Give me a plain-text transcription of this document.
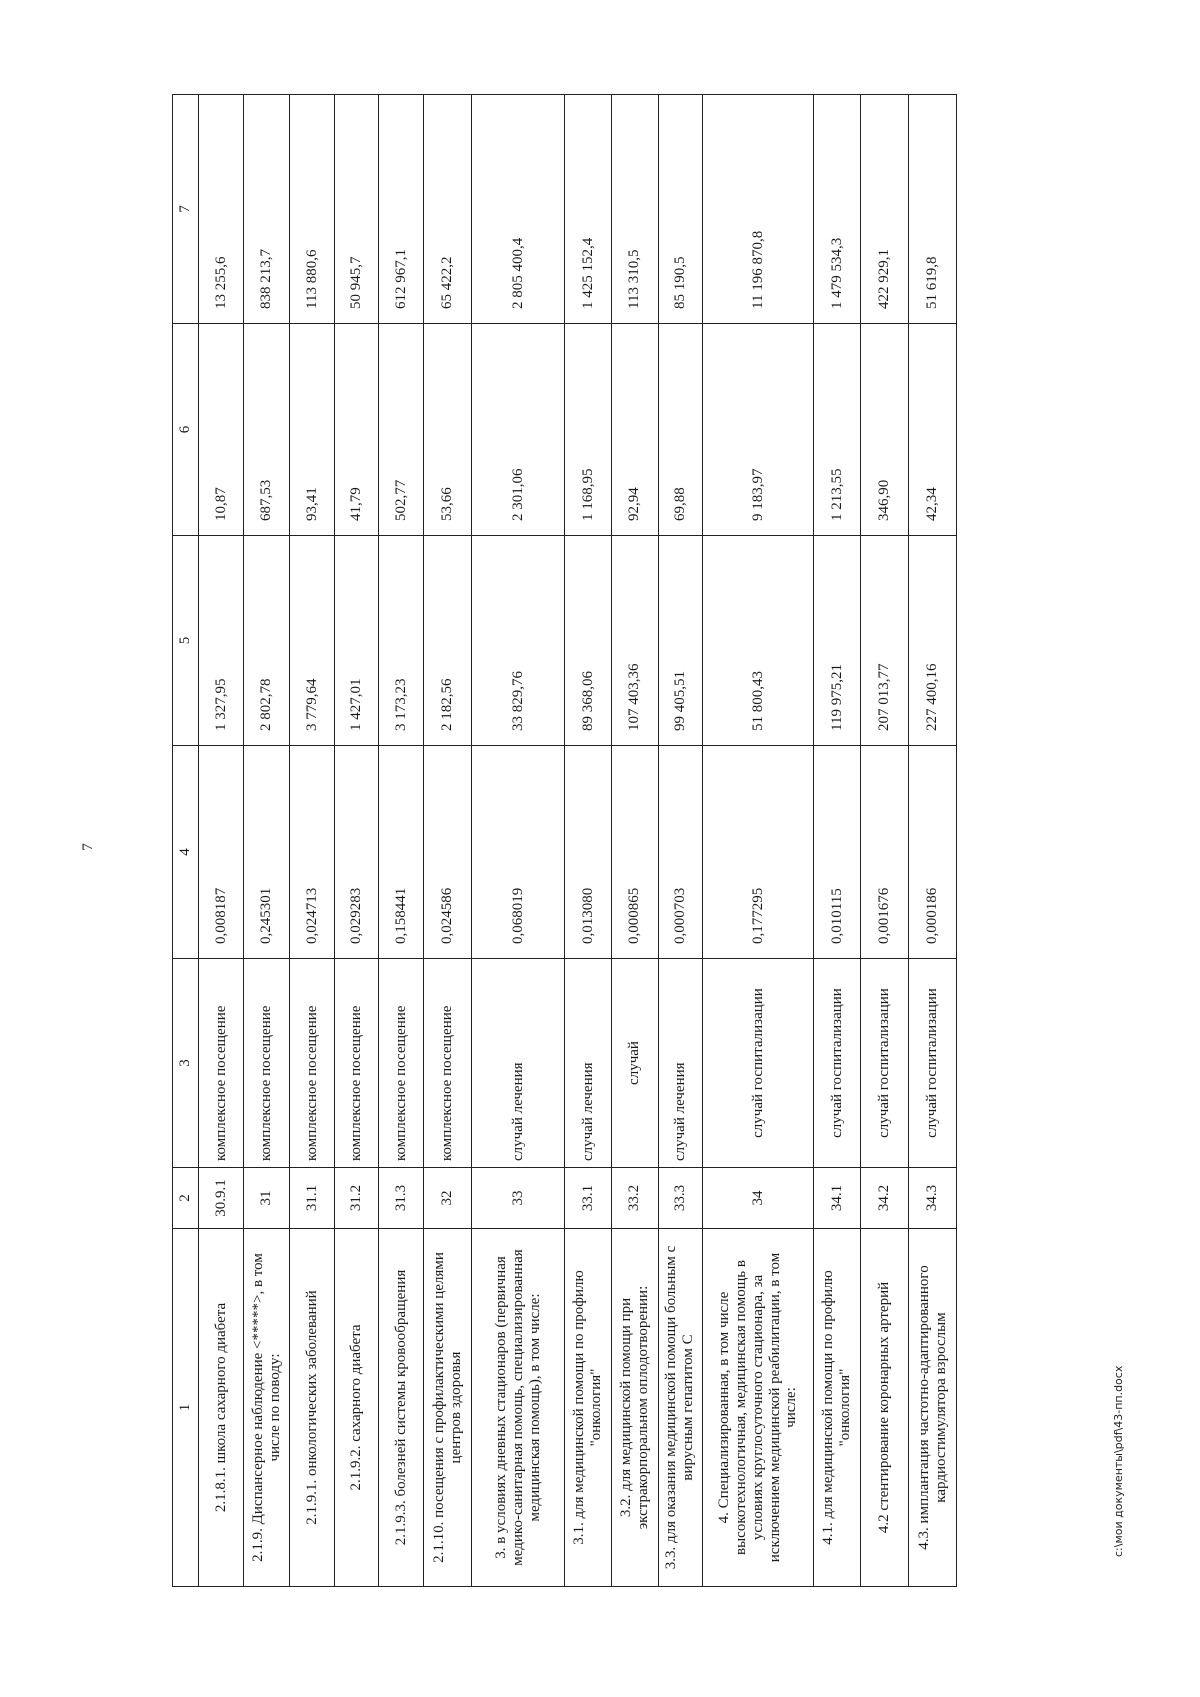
7
1	2	3	4	5	6	7
2.1.8.1. школа сахарного диабета	30.9.1	комплексное посещение	0,008187	1 327,95	10,87	13 255,6
2.1.9. Диспансерное наблюдение <*****>, в том числе по поводу:	31	комплексное посещение	0,245301	2 802,78	687,53	838 213,7
2.1.9.1. онкологических заболеваний	31.1	комплексное посещение	0,024713	3 779,64	93,41	113 880,6
2.1.9.2. сахарного диабета	31.2	комплексное посещение	0,029283	1 427,01	41,79	50 945,7
2.1.9.3. болезней системы кровообращения	31.3	комплексное посещение	0,158441	3 173,23	502,77	612 967,1
2.1.10. посещения с профилактическими целями центров здоровья	32	комплексное посещение	0,024586	2 182,56	53,66	65 422,2
3. в условиях дневных стационаров (первичная медико-санитарная помощь, специализированная медицинская помощь), в том числе:	33	случай лечения	0,068019	33 829,76	2 301,06	2 805 400,4
3.1. для медицинской помощи по профилю "онкология"	33.1	случай лечения	0,013080	89 368,06	1 168,95	1 425 152,4
3.2. для медицинской помощи при экстракорпоральном оплодотворении:	33.2	случай	0,000865	107 403,36	92,94	113 310,5
3.3. для оказания медицинской помощи больным с вирусным гепатитом С	33.3	случай лечения	0,000703	99 405,51	69,88	85 190,5
4. Специализированная, в том числе высокотехнологичная, медицинская помощь в условиях круглосуточного стационара, за исключением медицинской реабилитации, в том числе:	34	случай госпитализации	0,177295	51 800,43	9 183,97	11 196 870,8
4.1. для медицинской помощи по профилю "онкология"	34.1	случай госпитализации	0,010115	119 975,21	1 213,55	1 479 534,3
4.2 стентирование коронарных артерий	34.2	случай госпитализации	0,001676	207 013,77	346,90	422 929,1
4.3. имплантация частотно-адаптированного кардиостимулятора взрослым	34.3	случай госпитализации	0,000186	227 400,16	42,34	51 619,8
c:\мои документы\pdf\43-пп.docx
